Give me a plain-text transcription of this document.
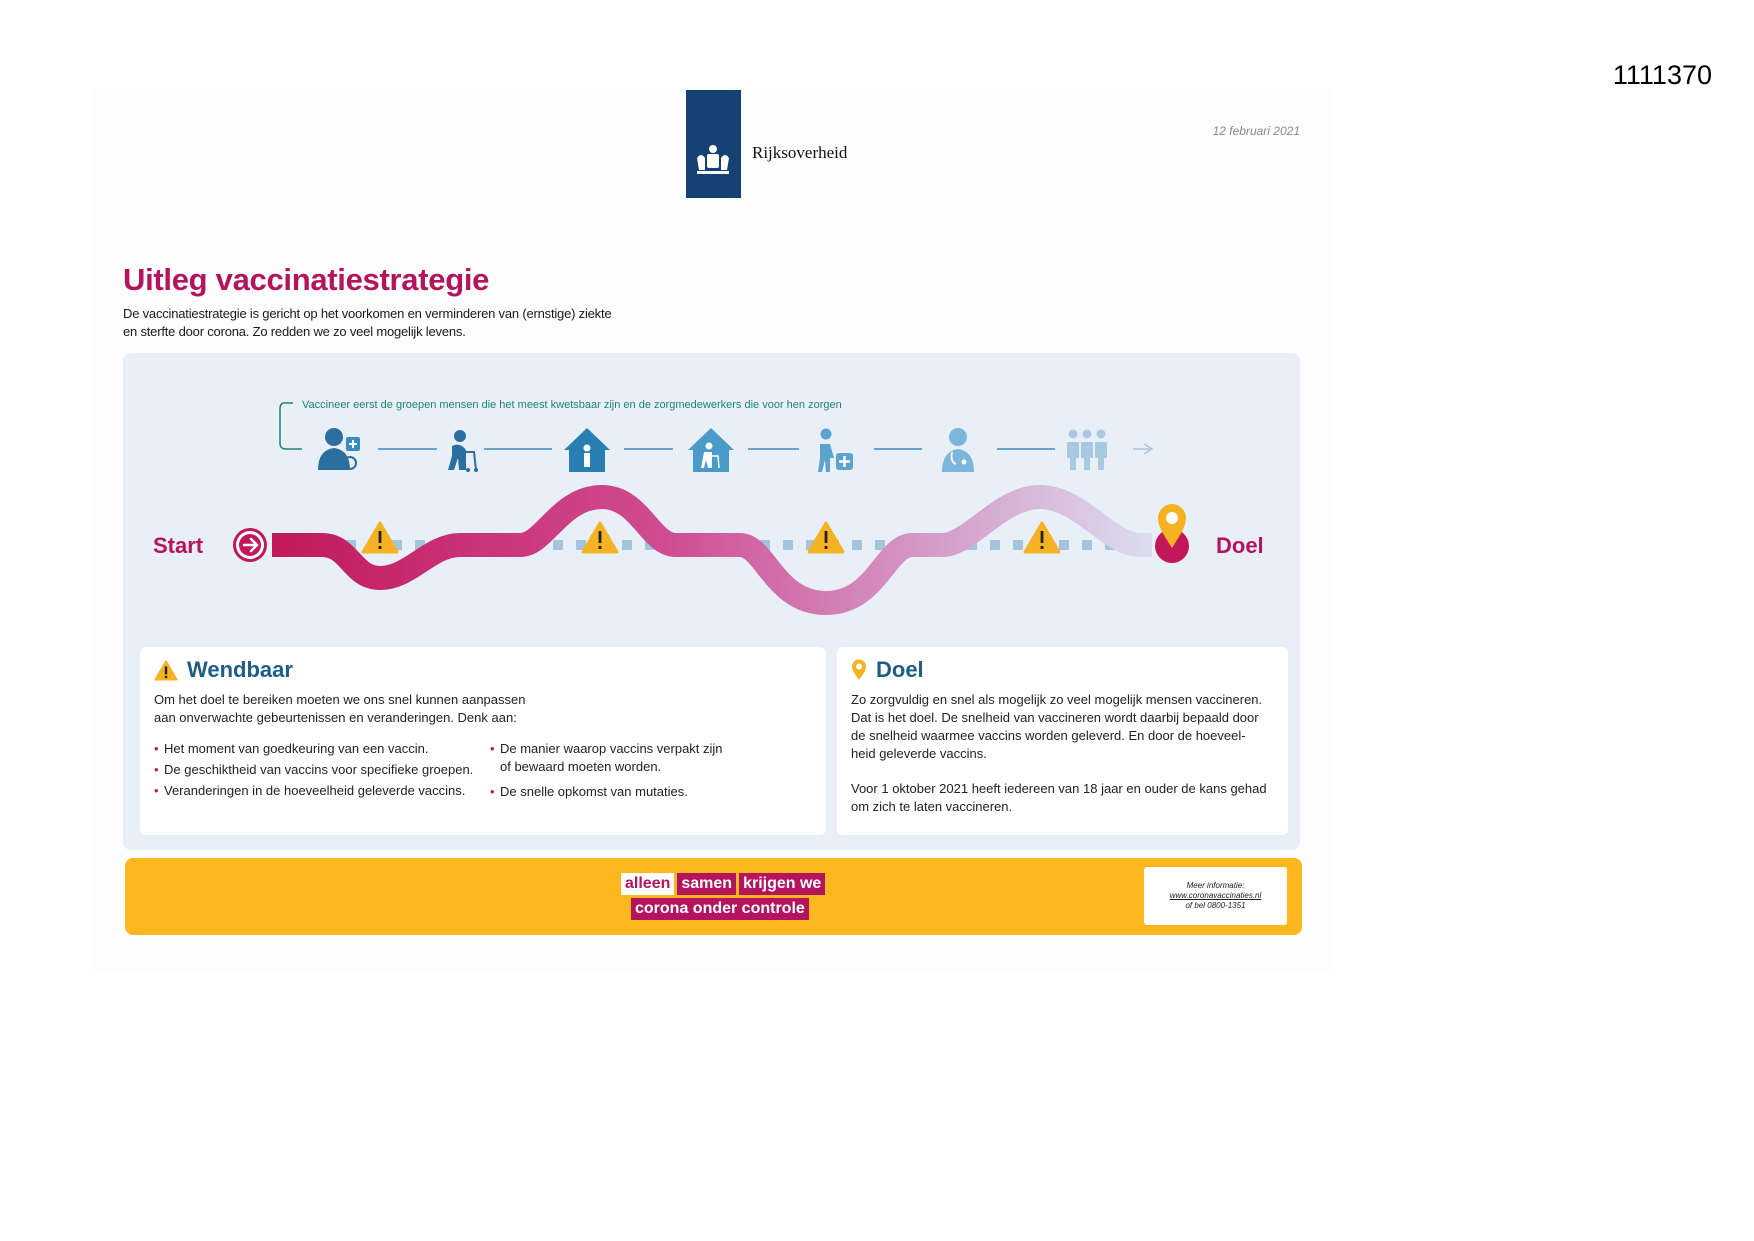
1111370
Rijksoverheid
12 februari 2021
Uitleg vaccinatiestrategie
De vaccinatiestrategie is gericht op het voorkomen en verminderen van (ernstige) ziekte
en sterfte door corona. Zo redden we zo veel mogelijk levens.
Vaccineer eerst de groepen mensen die het meest kwetsbaar zijn en de zorgmedewerkers die voor hen zorgen
Start	Doel
Wendbaar
Om het doel te bereiken moeten we ons snel kunnen aanpassen
aan onverwachte gebeurtenissen en veranderingen. Denk aan:
• Het moment van goedkeuring van een vaccin.
• De geschiktheid van vaccins voor specifieke groepen.
• Veranderingen in de hoeveelheid geleverde vaccins.
• De manier waarop vaccins verpakt zijn
of bewaard moeten worden.
• De snelle opkomst van mutaties.
Doel
Zo zorgvuldig en snel als mogelijk zo veel mogelijk mensen vaccineren.
Dat is het doel. De snelheid van vaccineren wordt daarbij bepaald door
de snelheid waarmee vaccins worden geleverd. En door de hoeveel-
heid geleverde vaccins.
Voor 1 oktober 2021 heeft iedereen van 18 jaar en ouder de kans gehad
om zich te laten vaccineren.
alleen samen krijgen we
corona onder controle
Meer informatie:
www.coronavaccinaties.nl
of bel 0800-1351
